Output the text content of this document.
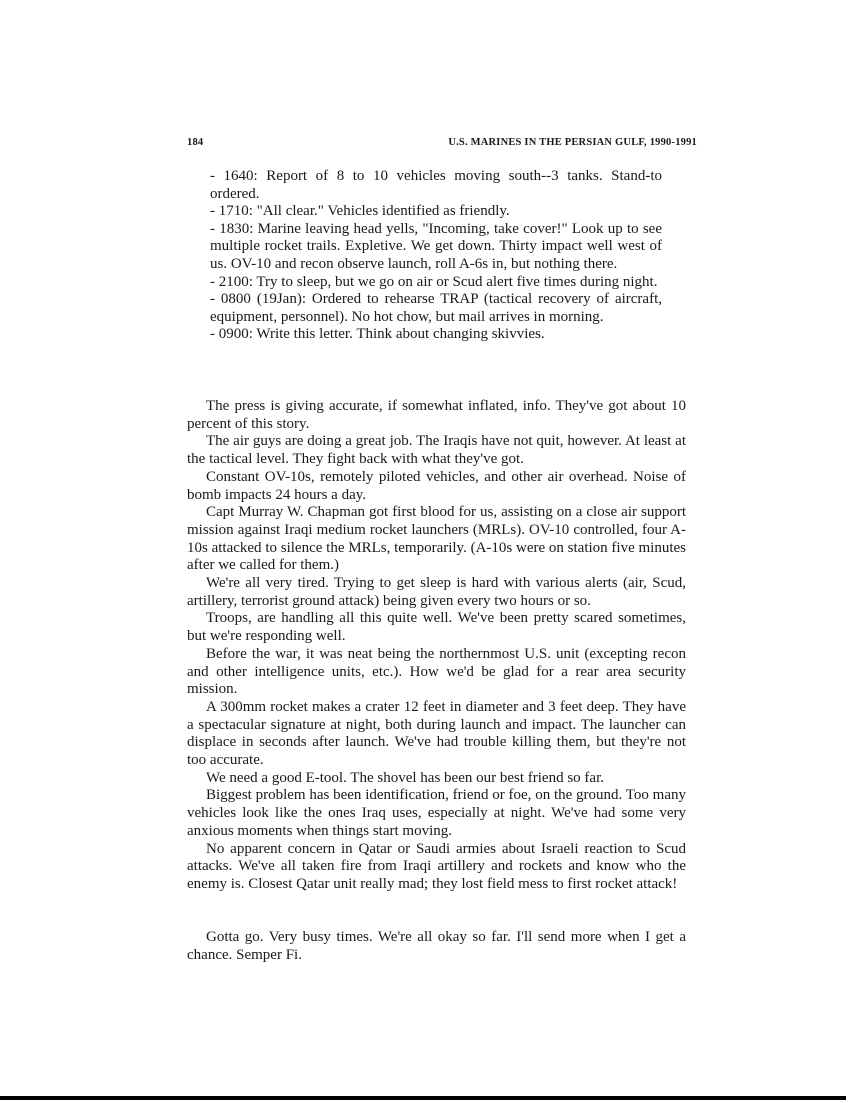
184	U.S. MARINES IN THE PERSIAN GULF, 1990-1991

- 1640: Report of 8 to 10 vehicles moving south--3 tanks. Stand-to ordered.

- 1710: "All clear." Vehicles identified as friendly.

- 1830: Marine leaving head yells, "Incoming, take cover!" Look up to see multiple rocket trails. Expletive. We get down. Thirty impact well west of us. OV-10 and recon observe launch, roll A-6s in, but nothing there.

- 2100: Try to sleep, but we go on air or Scud alert five times during night.

- 0800 (19Jan): Ordered to rehearse TRAP (tactical recovery of aircraft, equipment, personnel). No hot chow, but mail arrives in morning.

- 0900: Write this letter. Think about changing skivvies.

The press is giving accurate, if somewhat inflated, info. They've got about 10 percent of this story.

The air guys are doing a great job. The Iraqis have not quit, however. At least at the tactical level. They fight back with what they've got.

Constant OV-10s, remotely piloted vehicles, and other air overhead. Noise of bomb impacts 24 hours a day.

Capt Murray W. Chapman got first blood for us, assisting on a close air support mission against Iraqi medium rocket launchers (MRLs). OV-10 controlled, four A-10s attacked to silence the MRLs, temporarily. (A-10s were on station five minutes after we called for them.)

We're all very tired. Trying to get sleep is hard with various alerts (air, Scud, artillery, terrorist ground attack) being given every two hours or so.

Troops, are handling all this quite well. We've been pretty scared sometimes, but we're responding well.

Before the war, it was neat being the northernmost U.S. unit (excepting recon and other intelligence units, etc.). How we'd be glad for a rear area security mission.

A 300mm rocket makes a crater 12 feet in diameter and 3 feet deep. They have a spectacular signature at night, both during launch and impact. The launcher can displace in seconds after launch. We've had trouble killing them, but they're not too accurate.

We need a good E-tool. The shovel has been our best friend so far.

Biggest problem has been identification, friend or foe, on the ground. Too many vehicles look like the ones Iraq uses, especially at night. We've had some very anxious moments when things start moving.

No apparent concern in Qatar or Saudi armies about Israeli reaction to Scud attacks. We've all taken fire from Iraqi artillery and rockets and know who the enemy is. Closest Qatar unit really mad; they lost field mess to first rocket attack!

Gotta go. Very busy times. We're all okay so far. I'll send more when I get a chance. Semper Fi.
